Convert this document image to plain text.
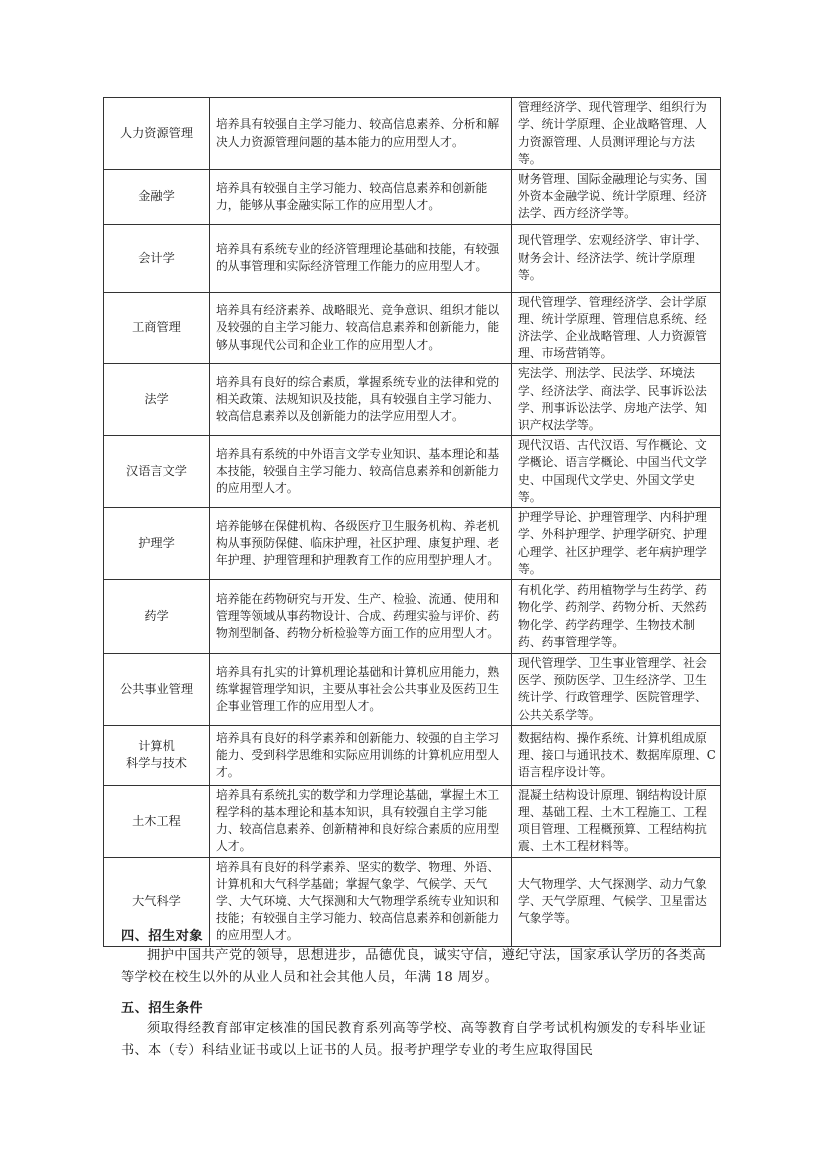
人力资源管理	培养具有较强自主学习能力、较高信息素养、分析和解决人力资源管理问题的基本能力的应用型人才。	管理经济学、现代管理学、组织行为学、统计学原理、企业战略管理、人力资源管理、人员测评理论与方法等。
金融学	培养具有较强自主学习能力、较高信息素养和创新能力，能够从事金融实际工作的应用型人才。	财务管理、国际金融理论与实务、国外资本金融学说、统计学原理、经济法学、西方经济学等。
会计学	培养具有系统专业的经济管理理论基础和技能，有较强的从事管理和实际经济管理工作能力的应用型人才。	现代管理学、宏观经济学、审计学、财务会计、经济法学、统计学原理等。
工商管理	培养具有经济素养、战略眼光、竞争意识、组织才能以及较强的自主学习能力、较高信息素养和创新能力，能够从事现代公司和企业工作的应用型人才。	现代管理学、管理经济学、会计学原理、统计学原理、管理信息系统、经济法学、企业战略管理、人力资源管理、市场营销等。
法学	培养具有良好的综合素质，掌握系统专业的法律和党的相关政策、法规知识及技能，具有较强自主学习能力、较高信息素养以及创新能力的法学应用型人才。	宪法学、刑法学、民法学、环境法学、经济法学、商法学、民事诉讼法学、刑事诉讼法学、房地产法学、知识产权法学等。
汉语言文学	培养具有系统的中外语言文学专业知识、基本理论和基本技能，较强自主学习能力、较高信息素养和创新能力的应用型人才。	现代汉语、古代汉语、写作概论、文学概论、语言学概论、中国当代文学史、中国现代文学史、外国文学史等。
护理学	培养能够在保健机构、各级医疗卫生服务机构、养老机构从事预防保健、临床护理，社区护理、康复护理、老年护理、护理管理和护理教育工作的应用型护理人才。	护理学导论、护理管理学、内科护理学、外科护理学、护理学研究、护理心理学、社区护理学、老年病护理学等。
药学	培养能在药物研究与开发、生产、检验、流通、使用和管理等领域从事药物设计、合成、药理实验与评价、药物剂型制备、药物分析检验等方面工作的应用型人才。	有机化学、药用植物学与生药学、药物化学、药剂学、药物分析、天然药物化学、药学药理学、生物技术制药、药事管理学等。
公共事业管理	培养具有扎实的计算机理论基础和计算机应用能力，熟练掌握管理学知识，主要从事社会公共事业及医药卫生企事业管理工作的应用型人才。	现代管理学、卫生事业管理学、社会医学、预防医学、卫生经济学、卫生统计学、行政管理学、医院管理学、公共关系学等。

计算机
科学与技术	培养具有良好的科学素养和创新能力、较强的自主学习能力、受到科学思维和实际应用训练的计算机应用型人才。	数据结构、操作系统、计算机组成原理、接口与通讯技术、数据库原理、C语言程序设计等。
土木工程	培养具有系统扎实的数学和力学理论基础，掌握土木工程学科的基本理论和基本知识，具有较强自主学习能力、较高信息素养、创新精神和良好综合素质的应用型人才。	混凝土结构设计原理、钢结构设计原理、基础工程、土木工程施工、工程项目管理、工程概预算、工程结构抗震、土木工程材料等。
大气科学	培养具有良好的科学素养、坚实的数学、物理、外语、计算机和大气科学基础；掌握气象学、气候学、天气学、大气环境、大气探测和大气物理学系统专业知识和技能；有较强自主学习能力、较高信息素养和创新能力的应用型人才。	大气物理学、大气探测学、动力气象学、天气学原理、气候学、卫星雷达气象学等。
四、招生对象
拥护中国共产党的领导，思想进步，品德优良，诚实守信，遵纪守法，国家承认学历的各类高等学校在校生以外的从业人员和社会其他人员，年满 18 周岁。
五、招生条件
须取得经教育部审定核准的国民教育系列高等学校、高等教育自学考试机构颁发的专科毕业证书、本（专）科结业证书或以上证书的人员。报考护理学专业的考生应取得国民
